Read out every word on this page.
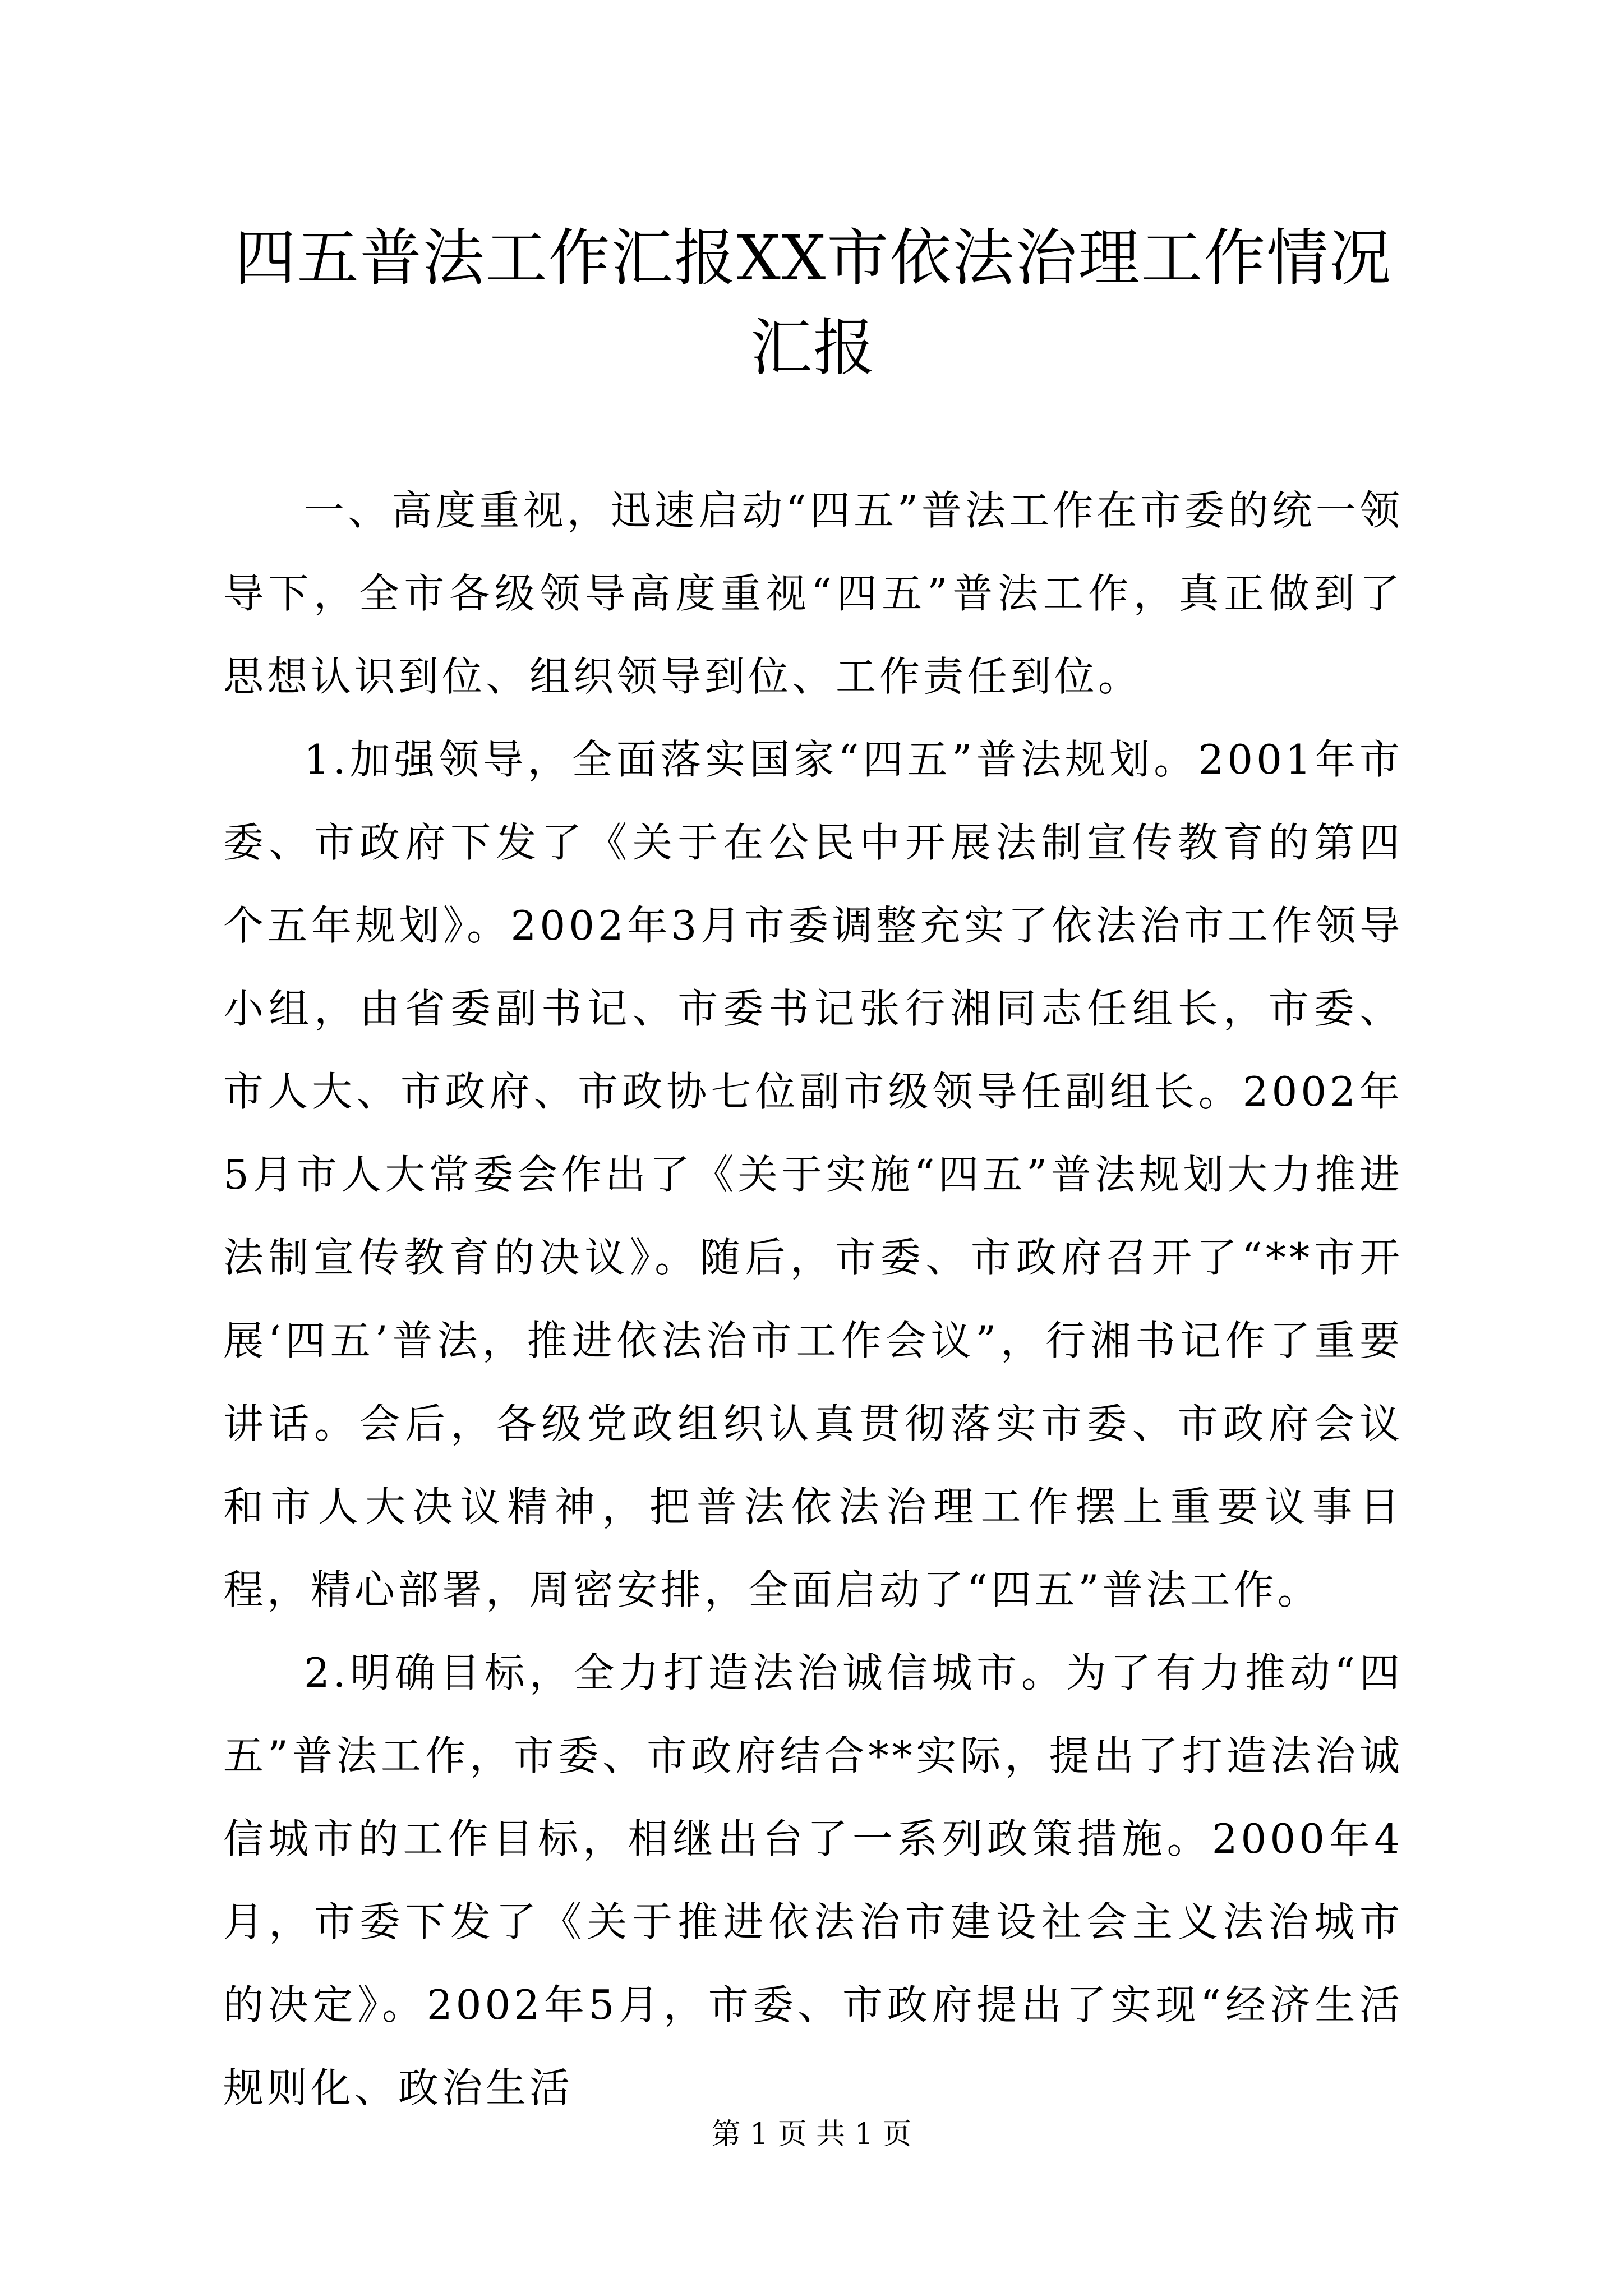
四五普法工作汇报XX市依法治理工作情况汇报

一、高度重视，迅速启动“四五”普法工作在市委的统一领导下，全市各级领导高度重视“四五”普法工作，真正做到了思想认识到位、组织领导到位、工作责任到位。

1.加强领导，全面落实国家“四五”普法规划。2001年市委、市政府下发了《关于在公民中开展法制宣传教育的第四个五年规划》。2002年3月市委调整充实了依法治市工作领导小组，由省委副书记、市委书记张行湘同志任组长，市委、市人大、市政府、市政协七位副市级领导任副组长。2002年5月市人大常委会作出了《关于实施“四五”普法规划大力推进法制宣传教育的决议》。随后，市委、市政府召开了“**市开展‘四五’普法，推进依法治市工作会议”，行湘书记作了重要讲话。会后，各级党政组织认真贯彻落实市委、市政府会议和市人大决议精神，把普法依法治理工作摆上重要议事日程，精心部署，周密安排，全面启动了“四五”普法工作。

2.明确目标，全力打造法治诚信城市。为了有力推动“四五”普法工作，市委、市政府结合**实际，提出了打造法治诚信城市的工作目标，相继出台了一系列政策措施。2000年4月，市委下发了《关于推进依法治市建设社会主义法治城市的决定》。2002年5月，市委、市政府提出了实现“经济生活规则化、政治生活

第 1 页 共 1 页
